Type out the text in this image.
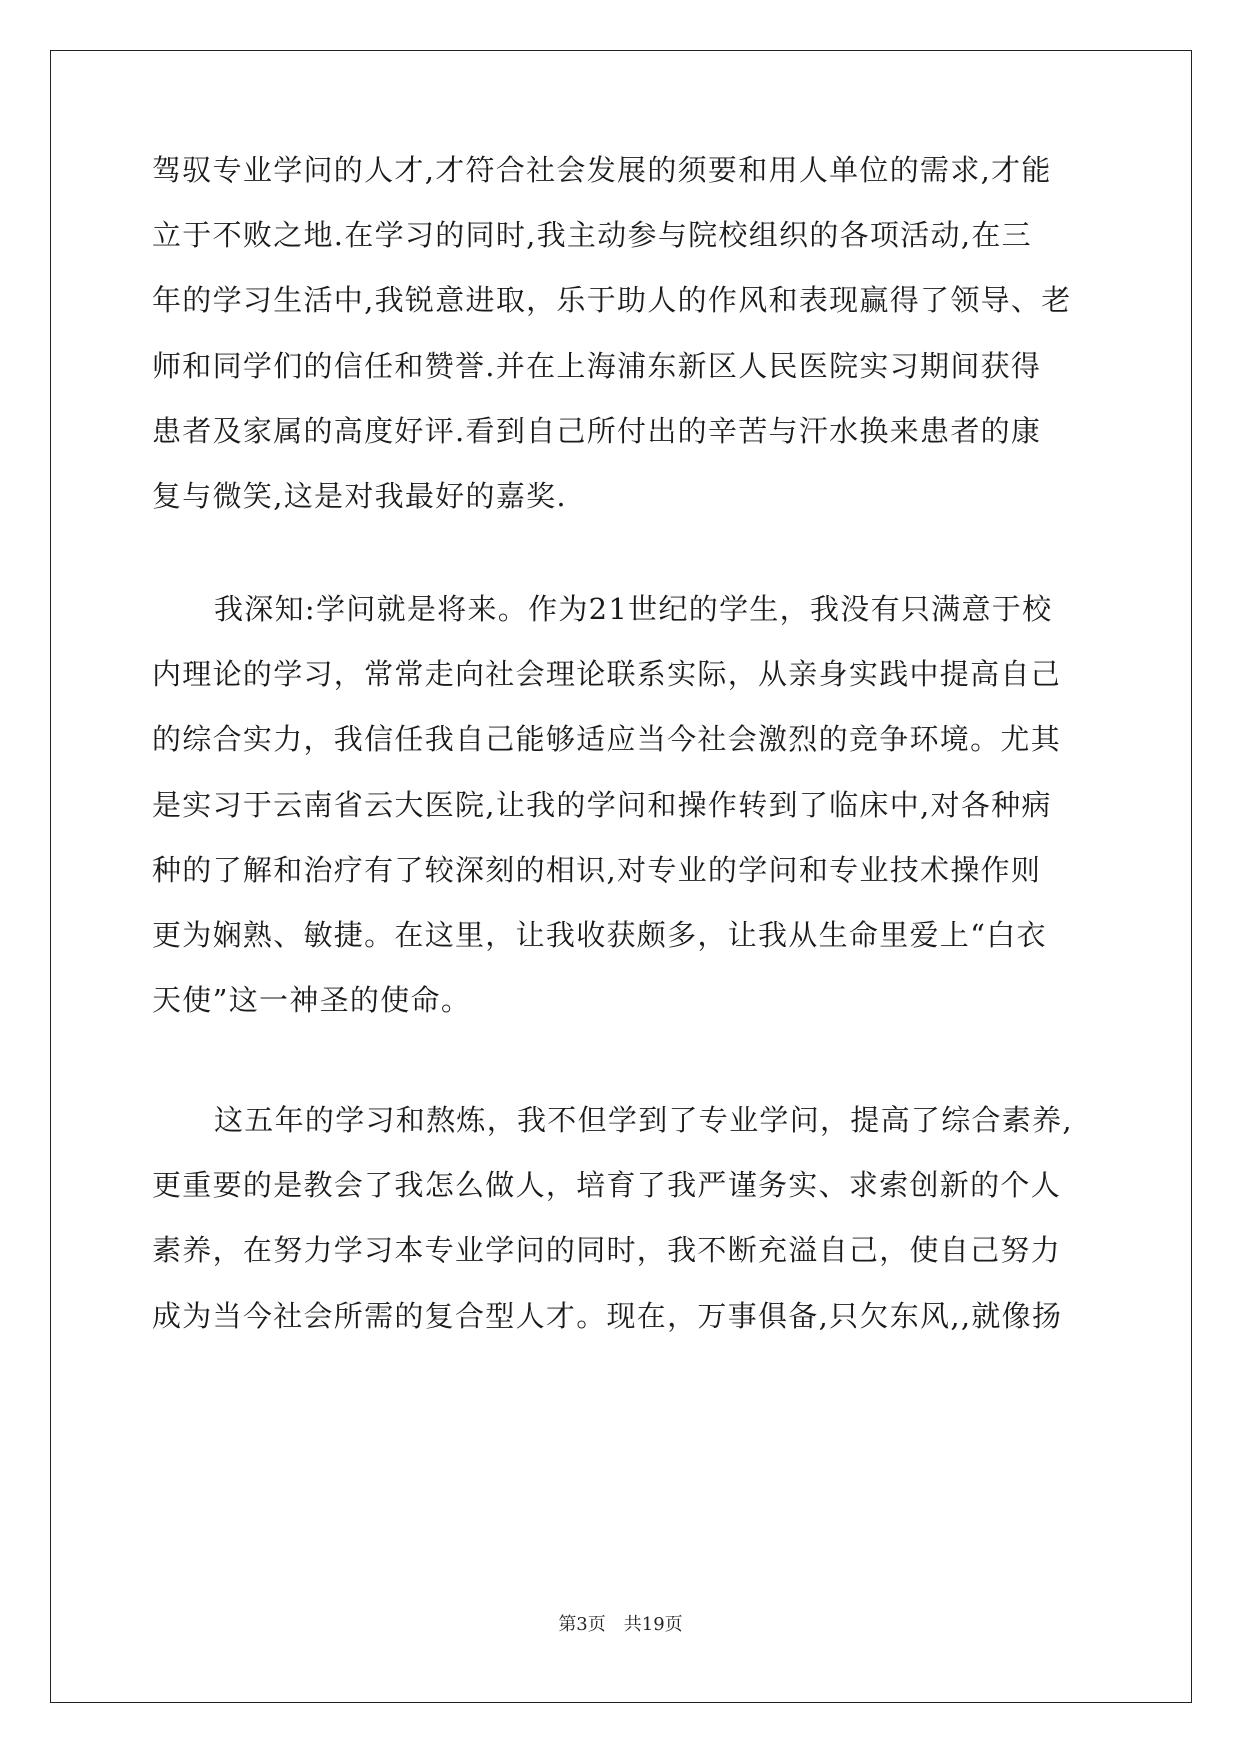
驾驭专业学问的人才,才符合社会发展的须要和用人单位的需求,才能
立于不败之地.在学习的同时,我主动参与院校组织的各项活动,在三
年的学习生活中,我锐意进取，乐于助人的作风和表现赢得了领导、老
师和同学们的信任和赞誉.并在上海浦东新区人民医院实习期间获得
患者及家属的高度好评.看到自己所付出的辛苦与汗水换来患者的康
复与微笑,这是对我最好的嘉奖.
我深知:学问就是将来。作为21世纪的学生，我没有只满意于校
内理论的学习，常常走向社会理论联系实际，从亲身实践中提高自己
的综合实力，我信任我自己能够适应当今社会激烈的竞争环境。尤其
是实习于云南省云大医院,让我的学问和操作转到了临床中,对各种病
种的了解和治疗有了较深刻的相识,对专业的学问和专业技术操作则
更为娴熟、敏捷。在这里，让我收获颇多，让我从生命里爱上“白衣
天使”这一神圣的使命。
这五年的学习和熬炼，我不但学到了专业学问，提高了综合素养,
更重要的是教会了我怎么做人，培育了我严谨务实、求索创新的个人
素养，在努力学习本专业学问的同时，我不断充溢自己，使自己努力
成为当今社会所需的复合型人才。现在，万事俱备,只欠东风,,就像扬
第3页　共19页
